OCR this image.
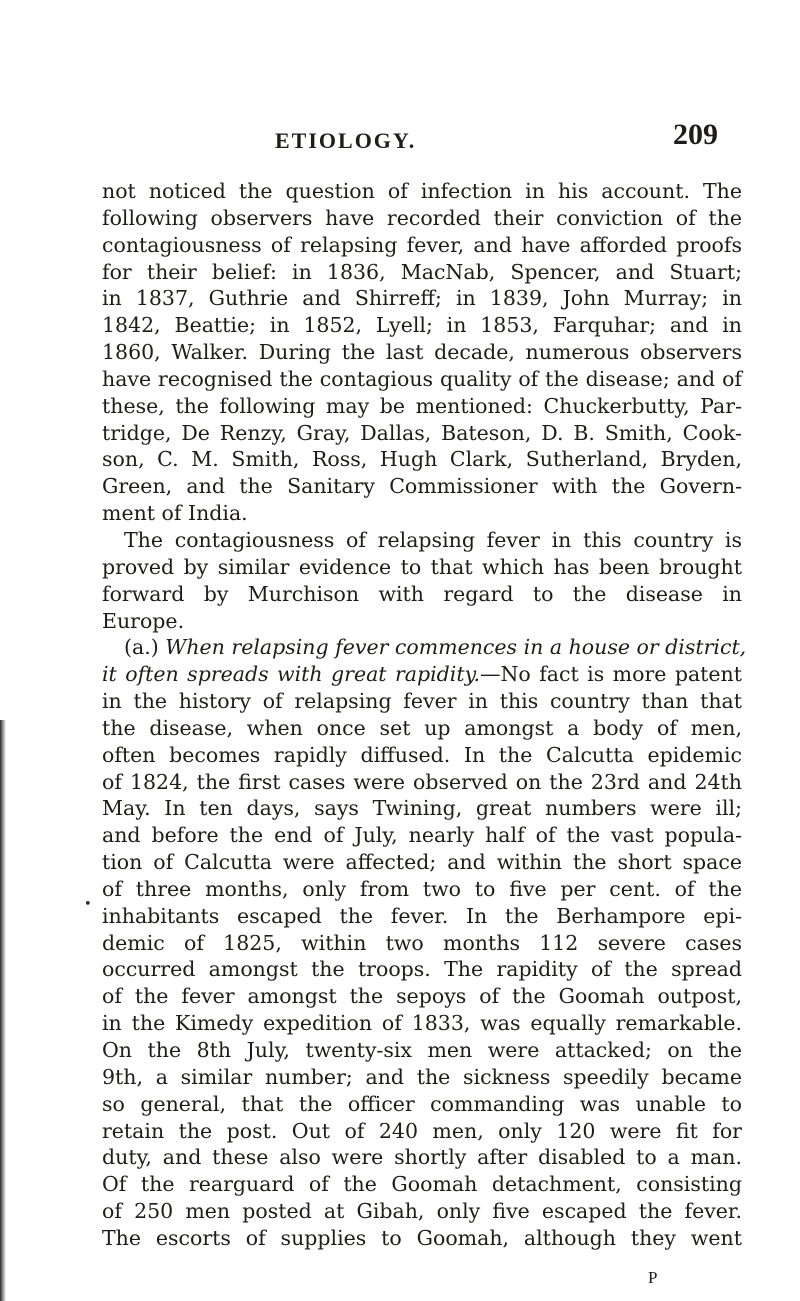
ETIOLOGY.	209
•
not noticed the question of infection in his account. The
following observers have recorded their conviction of the
contagiousness of relapsing fever, and have afforded proofs
for their belief: in 1836, MacNab, Spencer, and Stuart;
in 1837, Guthrie and Shirreff; in 1839, John Murray; in
1842, Beattie; in 1852, Lyell; in 1853, Farquhar; and in
1860, Walker. During the last decade, numerous observers
have recognised the contagious quality of the disease; and of
these, the following may be mentioned: Chuckerbutty, Par-
tridge, De Renzy, Gray, Dallas, Bateson, D. B. Smith, Cook-
son, C. M. Smith, Ross, Hugh Clark, Sutherland, Bryden,
Green, and the Sanitary Commissioner with the Govern-
ment of India.
The contagiousness of relapsing fever in this country is
proved by similar evidence to that which has been brought
forward by Murchison with regard to the disease in
Europe.
(a.) When relapsing fever commences in a house or district,
it often spreads with great rapidity.—No fact is more patent
in the history of relapsing fever in this country than that
the disease, when once set up amongst a body of men,
often becomes rapidly diffused. In the Calcutta epidemic
of 1824, the first cases were observed on the 23rd and 24th
May. In ten days, says Twining, great numbers were ill;
and before the end of July, nearly half of the vast popula-
tion of Calcutta were affected; and within the short space
of three months, only from two to five per cent. of the
inhabitants escaped the fever. In the Berhampore epi-
demic of 1825, within two months 112 severe cases
occurred amongst the troops. The rapidity of the spread
of the fever amongst the sepoys of the Goomah outpost,
in the Kimedy expedition of 1833, was equally remarkable.
On the 8th July, twenty-six men were attacked; on the
9th, a similar number; and the sickness speedily became
so general, that the officer commanding was unable to
retain the post. Out of 240 men, only 120 were fit for
duty, and these also were shortly after disabled to a man.
Of the rearguard of the Goomah detachment, consisting
of 250 men posted at Gibah, only five escaped the fever.
The escorts of supplies to Goomah, although they went
P
